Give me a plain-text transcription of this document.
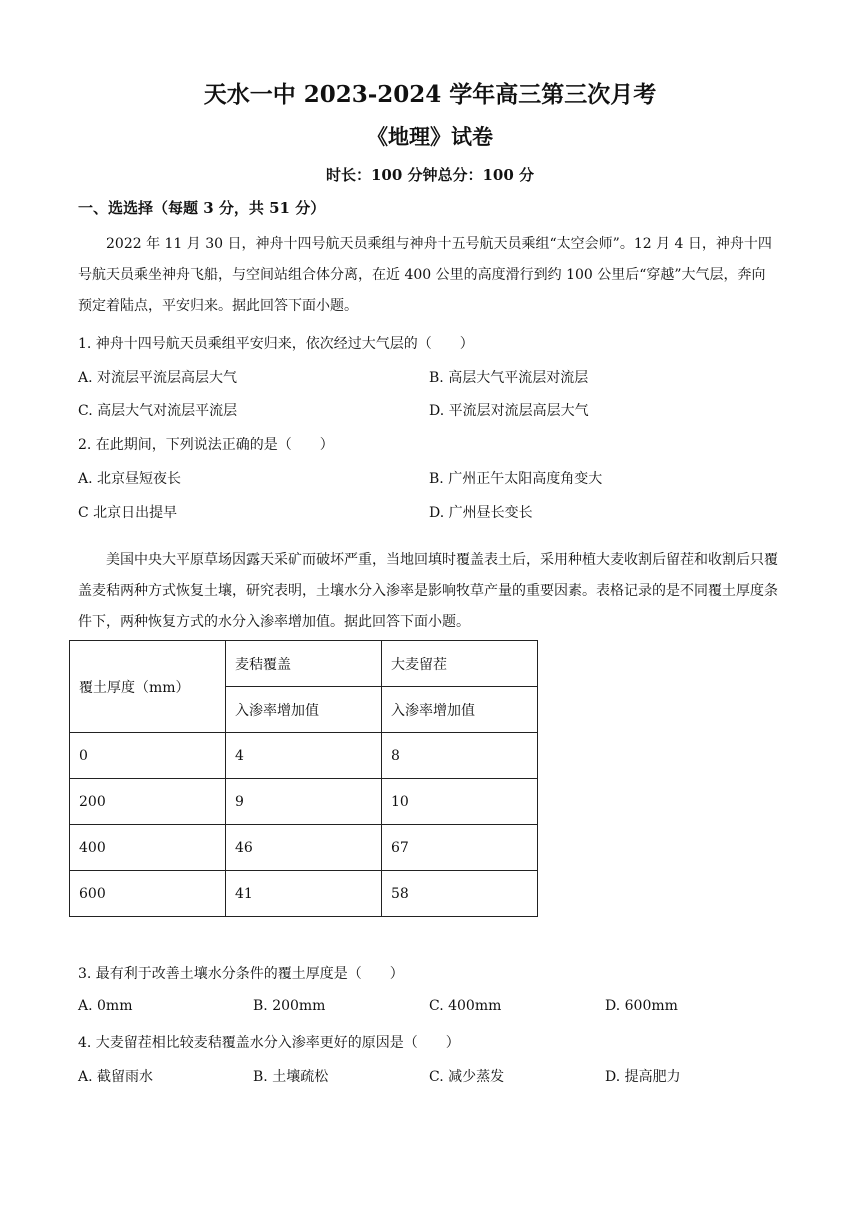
天水一中 2023-2024 学年高三第三次月考
《地理》试卷
时长：100 分钟总分：100 分
一、选选择（每题 3 分，共 51 分）
2022 年 11 月 30 日，神舟十四号航天员乘组与神舟十五号航天员乘组“太空会师”。12 月 4 日，神舟十四号航天员乘坐神舟飞船，与空间站组合体分离，在近 400 公里的高度滑行到约 100 公里后“穿越”大气层，奔向预定着陆点，平安归来。据此回答下面小题。
1. 神舟十四号航天员乘组平安归来，依次经过大气层的（　　）
A. 对流层平流层高层大气	B. 高层大气平流层对流层
C. 高层大气对流层平流层	D. 平流层对流层高层大气
2. 在此期间，下列说法正确的是（　　）
A. 北京昼短夜长	B. 广州正午太阳高度角变大
C 北京日出提早	D. 广州昼长变长
美国中央大平原草场因露天采矿而破坏严重，当地回填时覆盖表土后，采用种植大麦收割后留茬和收割后只覆盖麦秸两种方式恢复土壤，研究表明，土壤水分入渗率是影响牧草产量的重要因素。表格记录的是不同覆土厚度条件下，两种恢复方式的水分入渗率增加值。据此回答下面小题。
覆土厚度（mm）	麦秸覆盖	大麦留茬
	入渗率增加值	入渗率增加值
0	4	8
200	9	10
400	46	67
600	41	58
3. 最有利于改善土壤水分条件的覆土厚度是（　　）
A. 0mm	B. 200mm	C. 400mm	D. 600mm
4. 大麦留茬相比较麦秸覆盖水分入渗率更好的原因是（　　）
A. 截留雨水	B. 土壤疏松	C. 减少蒸发	D. 提高肥力
